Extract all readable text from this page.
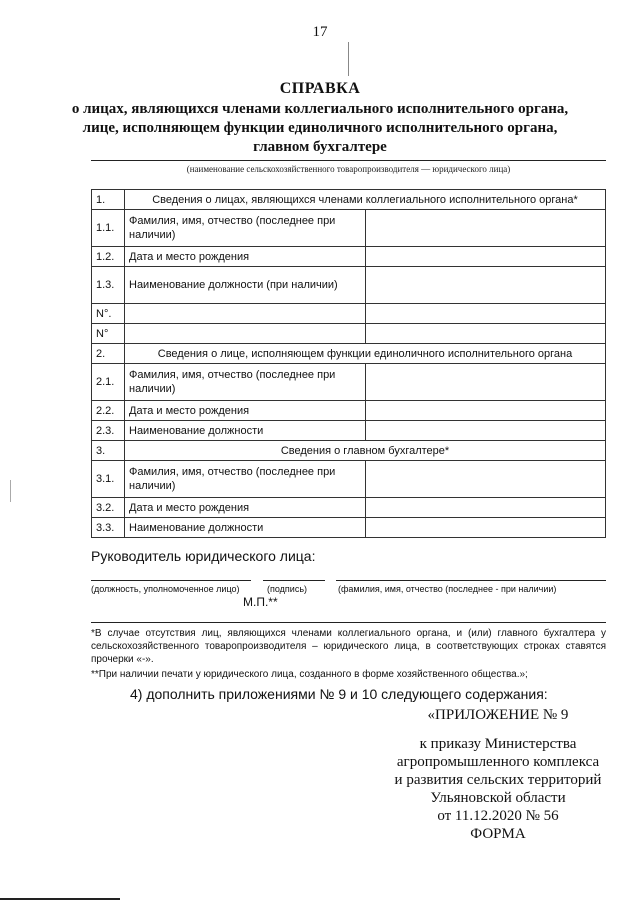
17
СПРАВКА
о лицах, являющихся членами коллегиального исполнительного органа,
лице, исполняющем функции единоличного исполнительного органа,
главном бухгалтере
(наименование сельскохозяйственного товаропроизводителя — юридического лица)
1.	Сведения о лицах, являющихся членами коллегиального исполнительного органа*	
1.1.	Фамилия, имя, отчество (последнее при наличии)	
1.2.	Дата и место рождения	
1.3.	Наименование должности (при наличии)	
N°.		
N°		
2.	Сведения о лице, исполняющем функции единоличного исполнительного органа	
2.1.	Фамилия, имя, отчество (последнее при наличии)	
2.2.	Дата и место рождения	
2.3.	Наименование должности	
3.	Сведения о главном бухгалтере*	
3.1.	Фамилия, имя, отчество (последнее при наличии)	
3.2.	Дата и место рождения	
3.3.	Наименование должности	
Руководитель юридического лица:
(должность, уполномоченное лицо)	(подпись)	(фамилия, имя, отчество (последнее - при наличии)
М.П.**
*В случае отсутствия лиц, являющихся членами коллегиального органа, и (или) главного бухгалтера у сельскохозяйственного товаропроизводителя – юридического лица, в соответствующих строках ставятся прочерки «-».
**При наличии печати у юридического лица, созданного в форме хозяйственного общества.»;
4) дополнить приложениями № 9 и 10 следующего содержания:
«ПРИЛОЖЕНИЕ № 9
к приказу Министерства
агропромышленного комплекса
и развития сельских территорий
Ульяновской области
от 11.12.2020 № 56
ФОРМА
